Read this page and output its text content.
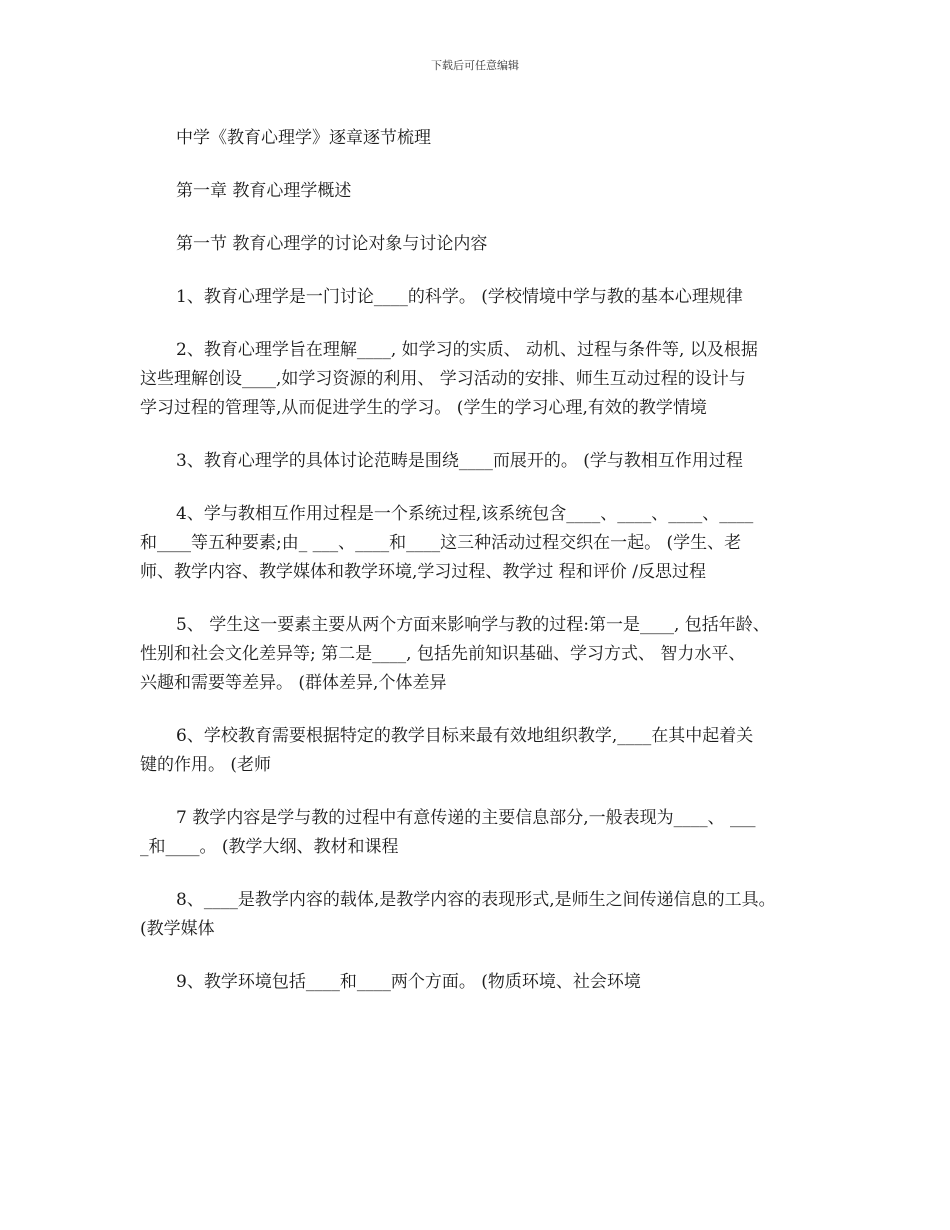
下载后可任意编辑

中学《教育心理学》逐章逐节梳理

第一章 教育心理学概述

第一节 教育心理学的讨论对象与讨论内容

1、教育心理学是一门讨论____的科学。 (学校情境中学与教的基本心理规律
2、教育心理学旨在理解____, 如学习的实质、 动机、过程与条件等, 以及根据
这些理解创设____,如学习资源的利用、 学习活动的安排、师生互动过程的设计与
学习过程的管理等,从而促进学生的学习。 (学生的学习心理,有效的教学情境
3、教育心理学的具体讨论范畴是围绕____而展开的。 (学与教相互作用过程
4、学与教相互作用过程是一个系统过程,该系统包含____、____、____、____
和____等五种要素;由_ ___、____和____这三种活动过程交织在一起。 (学生、老
师、教学内容、教学媒体和教学环境,学习过程、教学过 程和评价 /反思过程
5、 学生这一要素主要从两个方面来影响学与教的过程:第一是____, 包括年龄、
性别和社会文化差异等; 第二是____, 包括先前知识基础、学习方式、 智力水平、
兴趣和需要等差异。 (群体差异,个体差异
6、学校教育需要根据特定的教学目标来最有效地组织教学,____在其中起着关
键的作用。 (老师
7 教学内容是学与教的过程中有意传递的主要信息部分,一般表现为____、 ___
_和____。 (教学大纲、教材和课程
8、____是教学内容的载体,是教学内容的表现形式,是师生之间传递信息的工具。
(教学媒体
9、教学环境包括____和____两个方面。 (物质环境、社会环境
